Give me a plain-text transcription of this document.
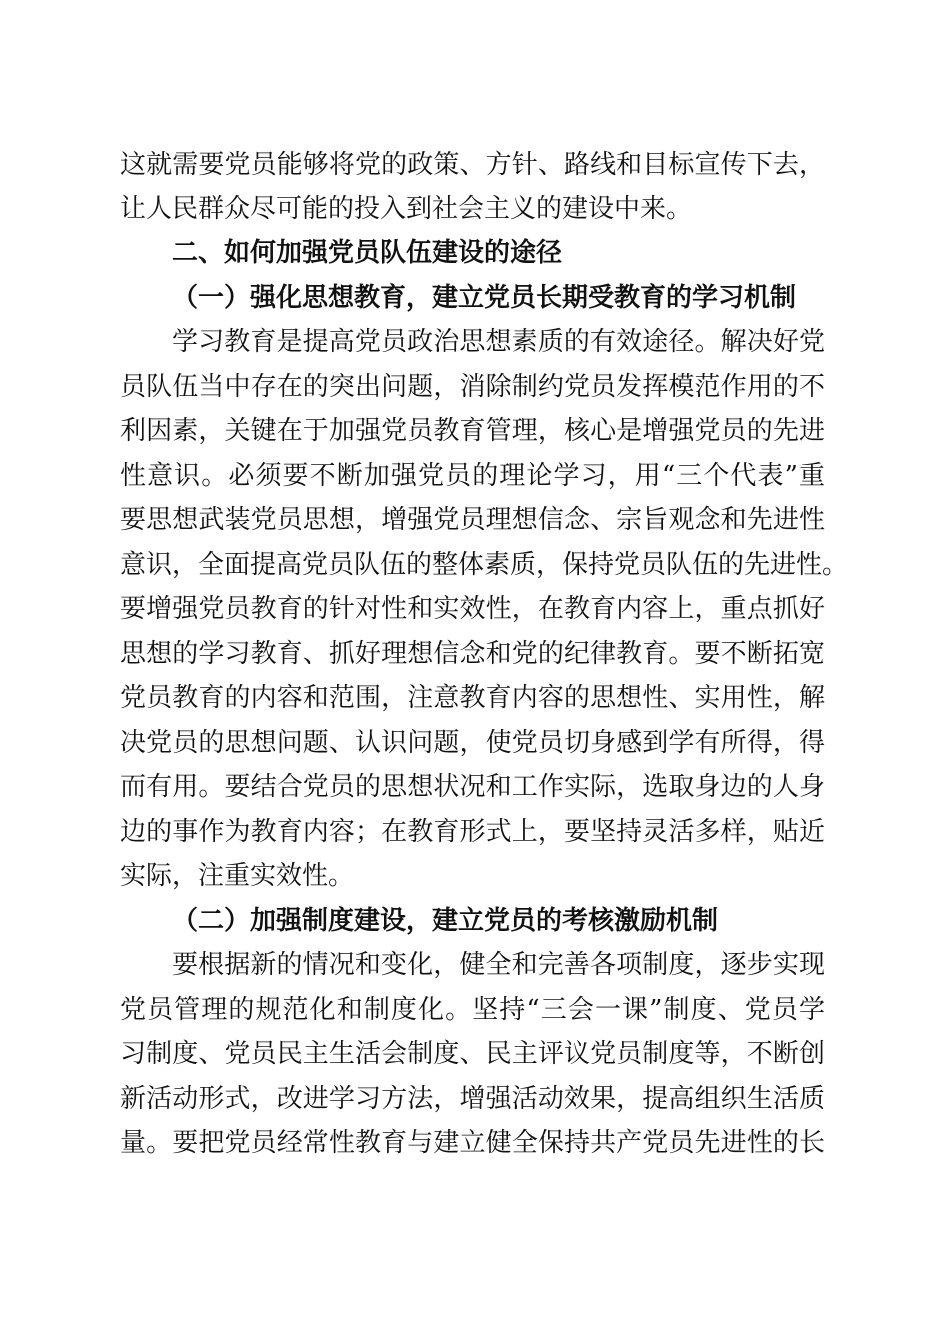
这就需要党员能够将党的政策、方针、路线和目标宣传下去，
让人民群众尽可能的投入到社会主义的建设中来。
二、如何加强党员队伍建设的途径
（一）强化思想教育，建立党员长期受教育的学习机制
学习教育是提高党员政治思想素质的有效途径。解决好党
员队伍当中存在的突出问题，消除制约党员发挥模范作用的不
利因素，关键在于加强党员教育管理，核心是增强党员的先进
性意识。必须要不断加强党员的理论学习，用“三个代表”重
要思想武装党员思想，增强党员理想信念、宗旨观念和先进性
意识，全面提高党员队伍的整体素质，保持党员队伍的先进性。
要增强党员教育的针对性和实效性，在教育内容上，重点抓好
思想的学习教育、抓好理想信念和党的纪律教育。要不断拓宽
党员教育的内容和范围，注意教育内容的思想性、实用性，解
决党员的思想问题、认识问题，使党员切身感到学有所得，得
而有用。要结合党员的思想状况和工作实际，选取身边的人身
边的事作为教育内容；在教育形式上，要坚持灵活多样，贴近
实际，注重实效性。
（二）加强制度建设，建立党员的考核激励机制
要根据新的情况和变化，健全和完善各项制度，逐步实现
党员管理的规范化和制度化。坚持“三会一课”制度、党员学
习制度、党员民主生活会制度、民主评议党员制度等，不断创
新活动形式，改进学习方法，增强活动效果，提高组织生活质
量。要把党员经常性教育与建立健全保持共产党员先进性的长
